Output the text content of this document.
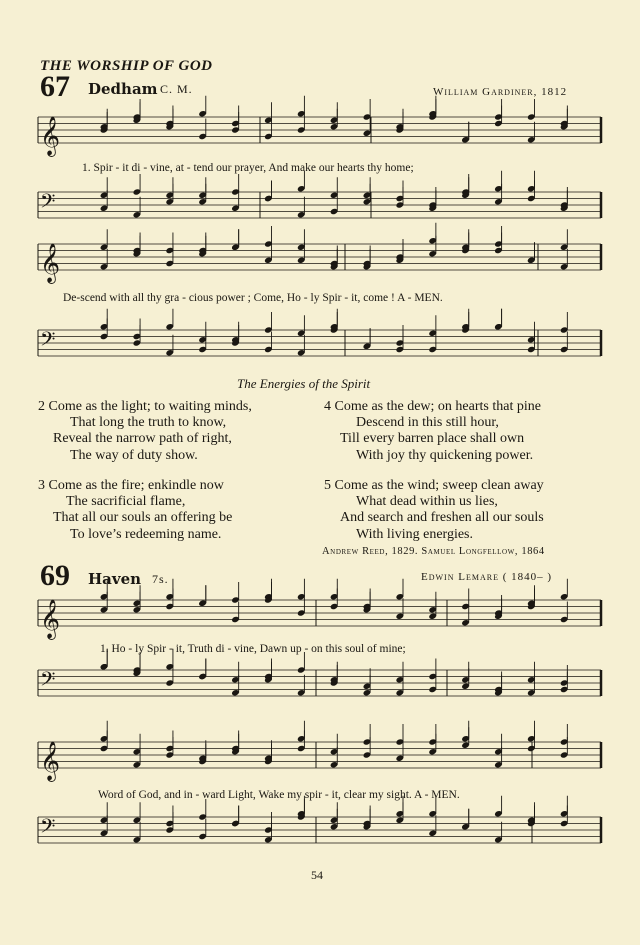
THE WORSHIP OF GOD
67 Dedham C. M.	William Gardiner, 1812
𝄞
𝄢
𝄞
𝄢
𝄞
𝄢
𝄞
𝄢
1. Spir - it di - vine, at - tend our prayer, And make our hearts thy home;
De-scend with all thy gra - cious power ; Come, Ho - ly Spir - it, come ! A - MEN.
The Energies of the Spirit
2 Come as the light; to waiting minds,
That long the truth to know,
Reveal the narrow path of right,
The way of duty show.
3 Come as the fire; enkindle now
The sacrificial flame,
That all our souls an offering be
To love’s redeeming name.
4 Come as the dew; on hearts that pine
Descend in this still hour,
Till every barren place shall own
With joy thy quickening power.
5 Come as the wind; sweep clean away
What dead within us lies,
And search and freshen all our souls
With living energies.
Andrew Reed, 1829. Samuel Longfellow, 1864
69 Haven 7s.	Edwin Lemare ( 1840– )
1. Ho - ly Spir - it, Truth di - vine, Dawn up - on this soul of mine;
Word of God, and in - ward Light, Wake my spir - it, clear my sight. A - MEN.
54
